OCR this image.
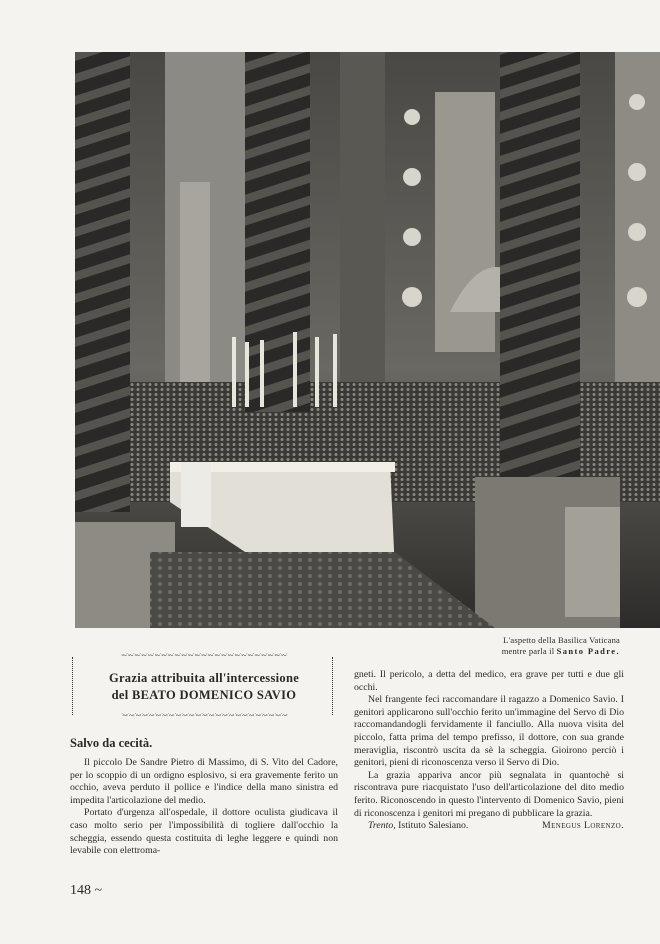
L'aspetto della Basilica Vaticana
mentre parla il Santo Padre.
·~˙·~˙·~˙·~˙·~˙·~˙·~˙·~˙·~˙·~˙·~˙·~˙·~˙·~˙·~˙·~˙·~˙·~˙·~˙·~˙·~˙·~˙·~˙·~˙·~˙
Grazia attribuita all'intercessione
del BEATO DOMENICO SAVIO
˙~·˙~·˙~·˙~·˙~·˙~·˙~·˙~·˙~·˙~·˙~·˙~·˙~·˙~·˙~·˙~·˙~·˙~·˙~·˙~·˙~·˙~·˙~·˙~·˙~·
Salvo da cecità.

Il piccolo De Sandre Pietro di Massimo, di S. Vito del Cadore, per lo scoppio di un ordigno esplosivo, si era gravemente ferito un occhio, aveva perduto il pollice e l'indice della mano sinistra ed impedita l'articolazione del medio.

Portato d'urgenza all'ospedale, il dottore oculista giudicava il caso molto serio per l'impossibilità di togliere dall'occhio la scheggia, essendo questa costituita di leghe leggere e quindi non levabile con elettroma-

gneti. Il pericolo, a detta del medico, era grave per tutti e due gli occhi.

Nel frangente feci raccomandare il ragazzo a Domenico Savio. I genitori applicarono sull'occhio ferito un'immagine del Servo di Dio raccomandandogli fervidamente il fanciullo. Alla nuova visita del piccolo, fatta prima del tempo prefisso, il dottore, con sua grande meraviglia, riscontrò uscita da sè la scheggia. Gioirono perciò i genitori, pieni di riconoscenza verso il Servo di Dio.

La grazia appariva ancor più segnalata in quantochè si riscontrava pure riacquistato l'uso dell'articolazione del dito medio ferito. Riconoscendo in questo l'intervento di Domenico Savio, pieni di riconoscenza i genitori mi pregano di pubblicare la grazia.

Trento, Istituto Salesiano.	Menegus Lorenzo.

148 ~
